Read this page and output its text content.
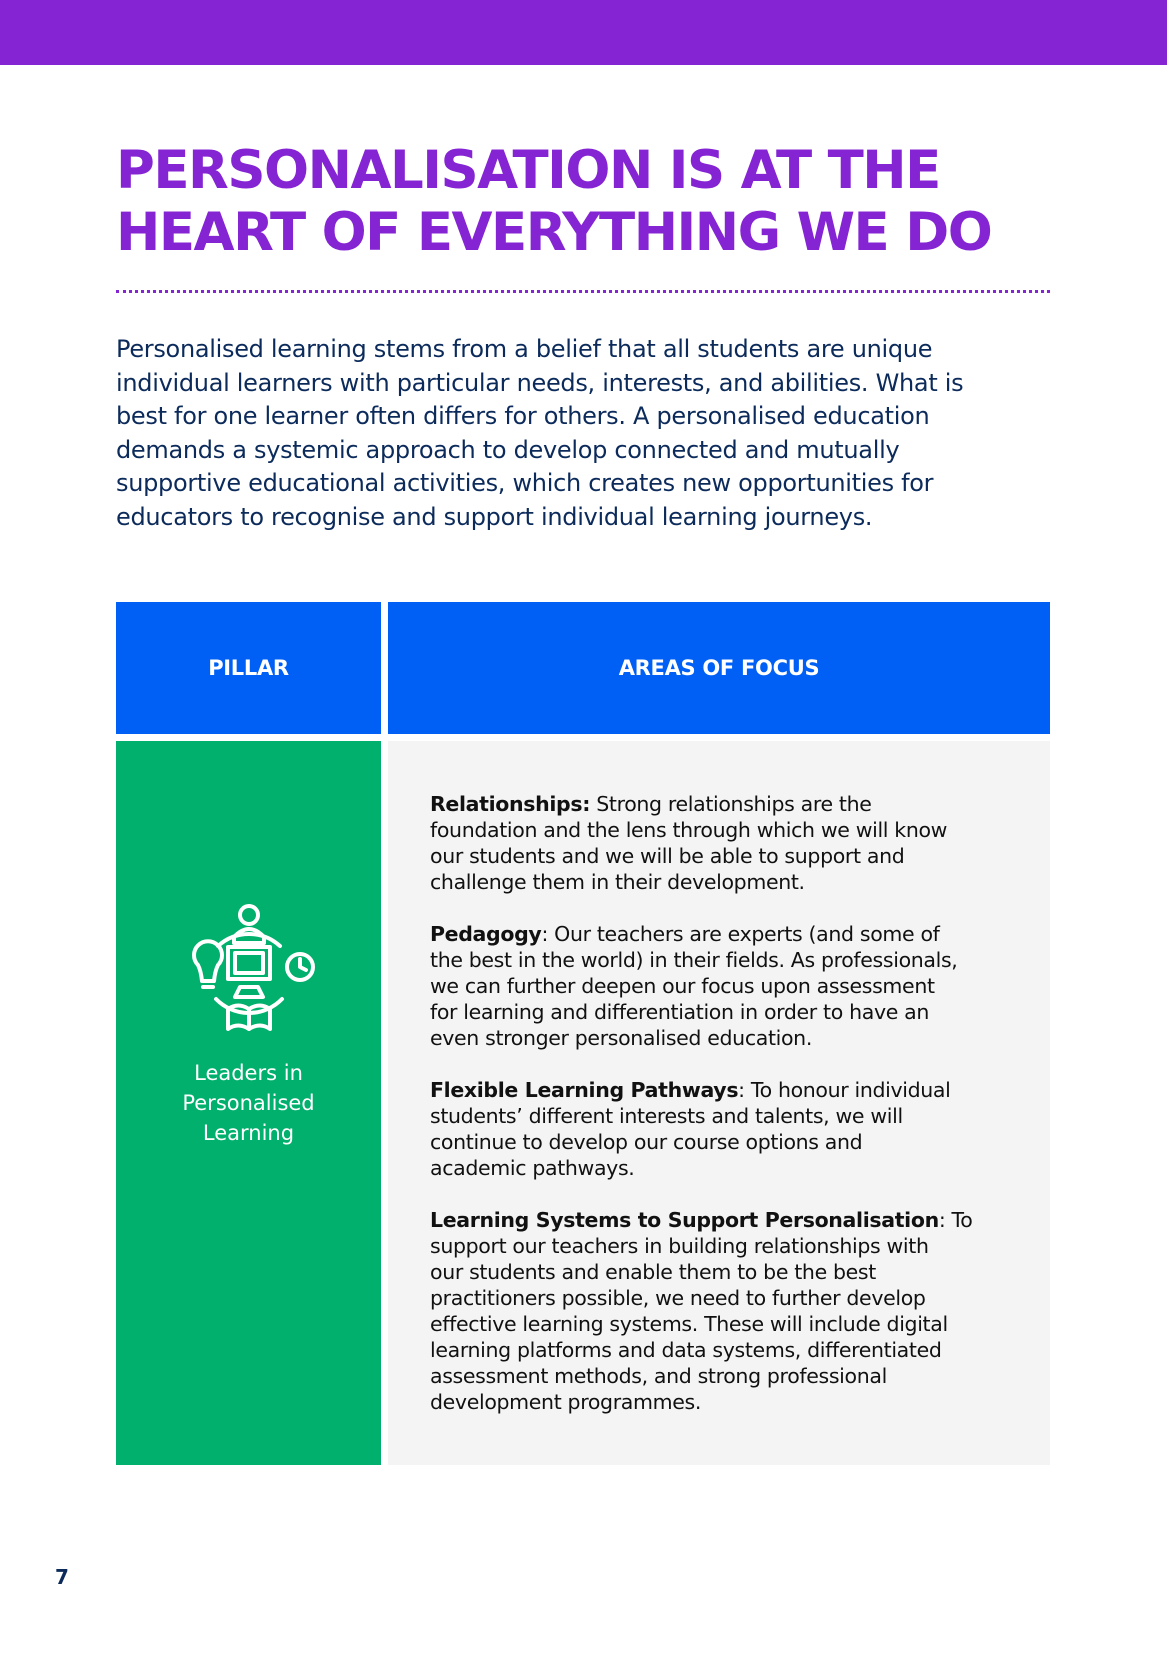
PERSONALISATION IS AT THE
HEART OF EVERYTHING WE DO

Personalised learning stems from a belief that all students are unique
individual learners with particular needs, interests, and abilities. What is
best for one learner often differs for others. A personalised education
demands a systemic approach to develop connected and mutually
supportive educational activities, which creates new opportunities for
educators to recognise and support individual learning journeys.

PILLAR	AREAS OF FOCUS
Leaders in
Personalised
Learning
Relationships: Strong relationships are the
foundation and the lens through which we will know
our students and we will be able to support and
challenge them in their development.
Pedagogy: Our teachers are experts (and some of
the best in the world) in their fields. As professionals,
we can further deepen our focus upon assessment
for learning and differentiation in order to have an
even stronger personalised education.
Flexible Learning Pathways: To honour individual
students’ different interests and talents, we will
continue to develop our course options and
academic pathways.
Learning Systems to Support Personalisation: To
support our teachers in building relationships with
our students and enable them to be the best
practitioners possible, we need to further develop
effective learning systems. These will include digital
learning platforms and data systems, differentiated
assessment methods, and strong professional
development programmes.
7
